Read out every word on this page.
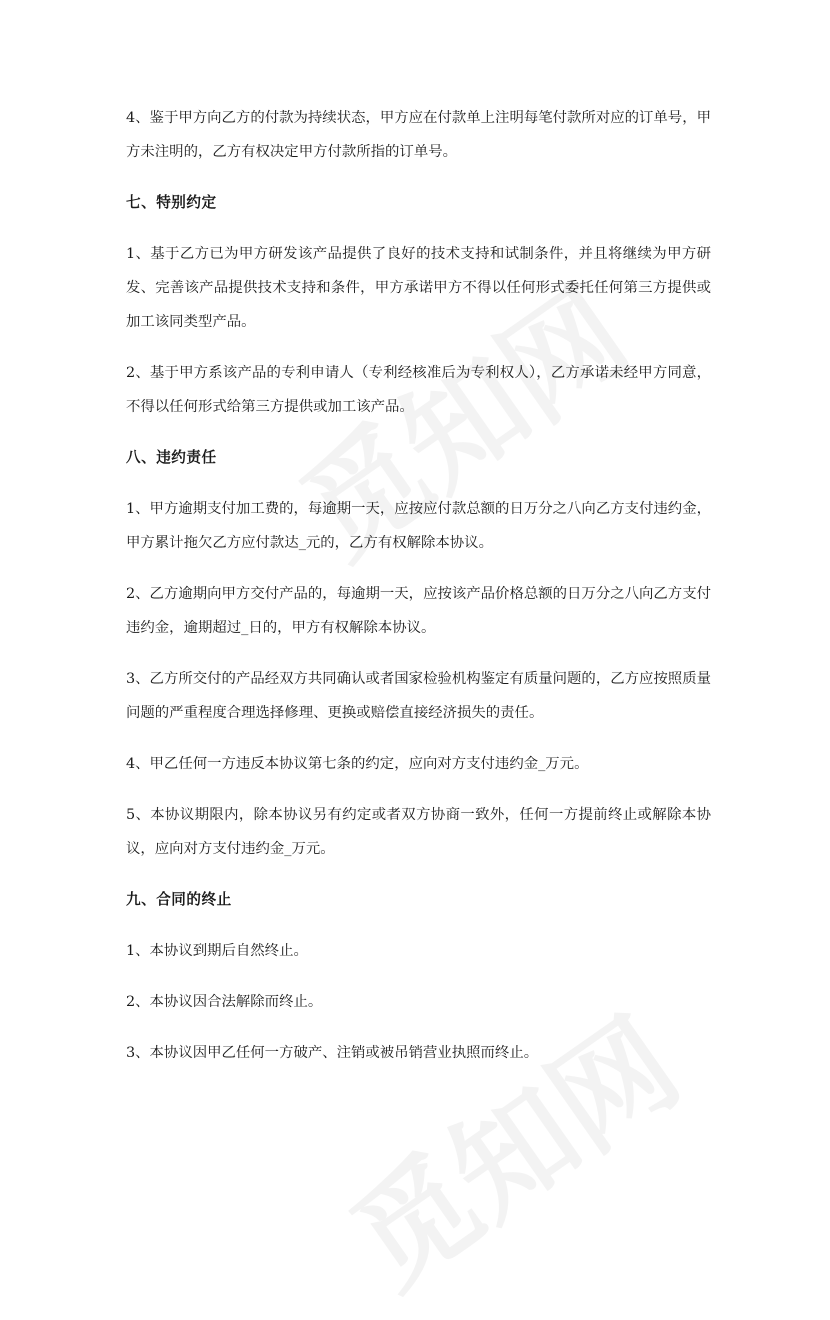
4、鉴于甲方向乙方的付款为持续状态，甲方应在付款单上注明每笔付款所对应的订单号，甲方未注明的，乙方有权决定甲方付款所指的订单号。

七、特别约定

1、基于乙方已为甲方研发该产品提供了良好的技术支持和试制条件，并且将继续为甲方研发、完善该产品提供技术支持和条件，甲方承诺甲方不得以任何形式委托任何第三方提供或加工该同类型产品。

2、基于甲方系该产品的专利申请人（专利经核准后为专利权人），乙方承诺未经甲方同意，不得以任何形式给第三方提供或加工该产品。

八、违约责任

1、甲方逾期支付加工费的，每逾期一天，应按应付款总额的日万分之八向乙方支付违约金，甲方累计拖欠乙方应付款达_元的，乙方有权解除本协议。

2、乙方逾期向甲方交付产品的，每逾期一天，应按该产品价格总额的日万分之八向乙方支付违约金，逾期超过_日的，甲方有权解除本协议。

3、乙方所交付的产品经双方共同确认或者国家检验机构鉴定有质量问题的，乙方应按照质量问题的严重程度合理选择修理、更换或赔偿直接经济损失的责任。

4、甲乙任何一方违反本协议第七条的约定，应向对方支付违约金_万元。

5、本协议期限内，除本协议另有约定或者双方协商一致外，任何一方提前终止或解除本协议，应向对方支付违约金_万元。

九、合同的终止

1、本协议到期后自然终止。

2、本协议因合法解除而终止。

3、本协议因甲乙任何一方破产、注销或被吊销营业执照而终止。
